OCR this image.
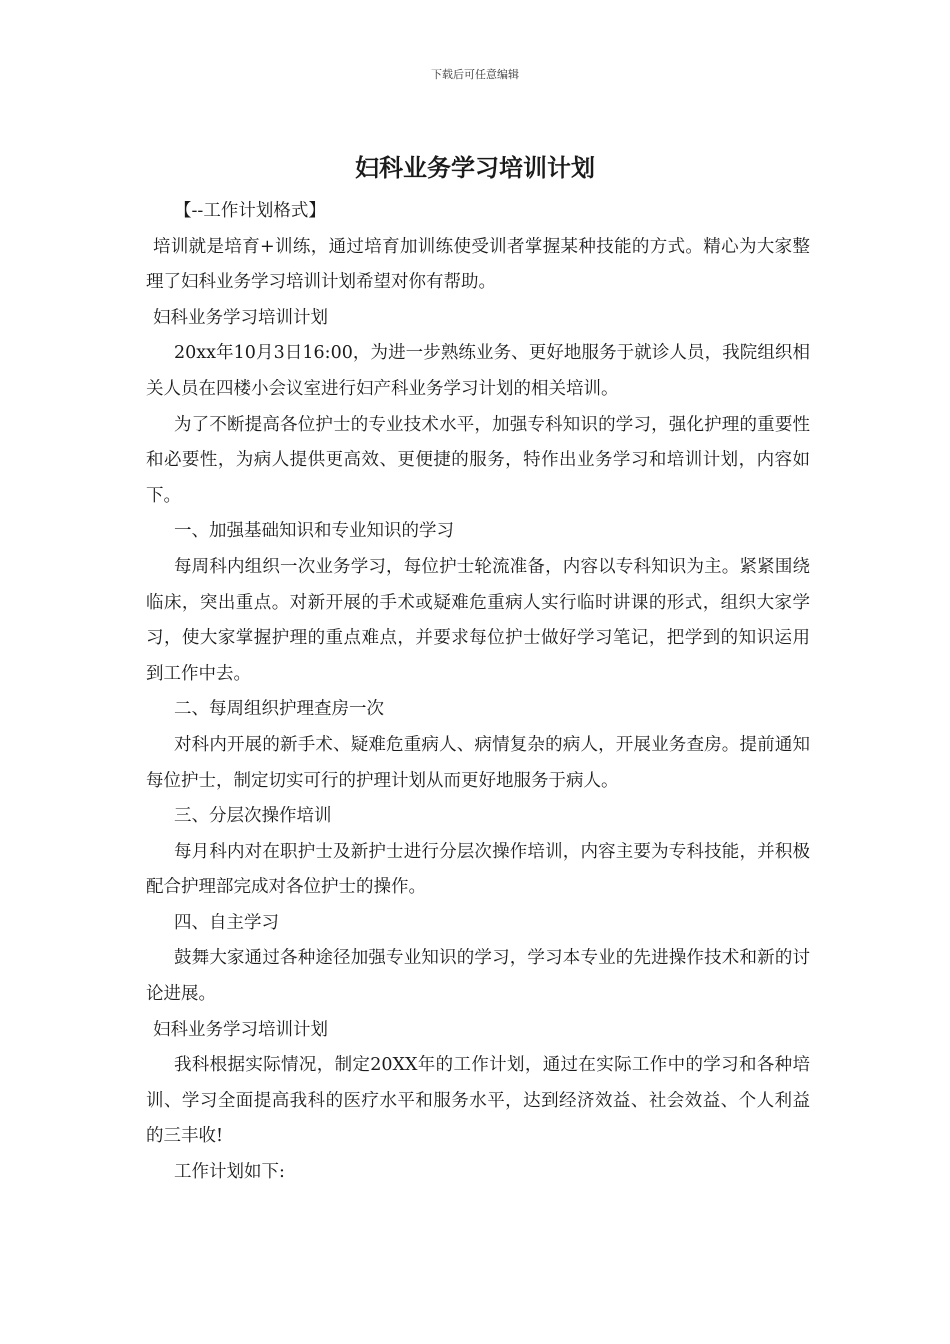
下载后可任意编辑
妇科业务学习培训计划

【--工作计划格式】

培训就是培育+训练，通过培育加训练使受训者掌握某种技能的方式。精心为大家整理了妇科业务学习培训计划希望对你有帮助。

妇科业务学习培训计划

20xx年10月3日16:00，为进一步熟练业务、更好地服务于就诊人员，我院组织相关人员在四楼小会议室进行妇产科业务学习计划的相关培训。

为了不断提高各位护士的专业技术水平，加强专科知识的学习，强化护理的重要性和必要性，为病人提供更高效、更便捷的服务，特作出业务学习和培训计划，内容如下。

一、加强基础知识和专业知识的学习

每周科内组织一次业务学习，每位护士轮流准备，内容以专科知识为主。紧紧围绕临床，突出重点。对新开展的手术或疑难危重病人实行临时讲课的形式，组织大家学习，使大家掌握护理的重点难点，并要求每位护士做好学习笔记，把学到的知识运用到工作中去。

二、每周组织护理查房一次

对科内开展的新手术、疑难危重病人、病情复杂的病人，开展业务查房。提前通知每位护士，制定切实可行的护理计划从而更好地服务于病人。

三、分层次操作培训

每月科内对在职护士及新护士进行分层次操作培训，内容主要为专科技能，并积极配合护理部完成对各位护士的操作。

四、自主学习

鼓舞大家通过各种途径加强专业知识的学习，学习本专业的先进操作技术和新的讨论进展。

妇科业务学习培训计划

我科根据实际情况，制定20XX年的工作计划，通过在实际工作中的学习和各种培训、学习全面提高我科的医疗水平和服务水平，达到经济效益、社会效益、个人利益的三丰收!

工作计划如下:
